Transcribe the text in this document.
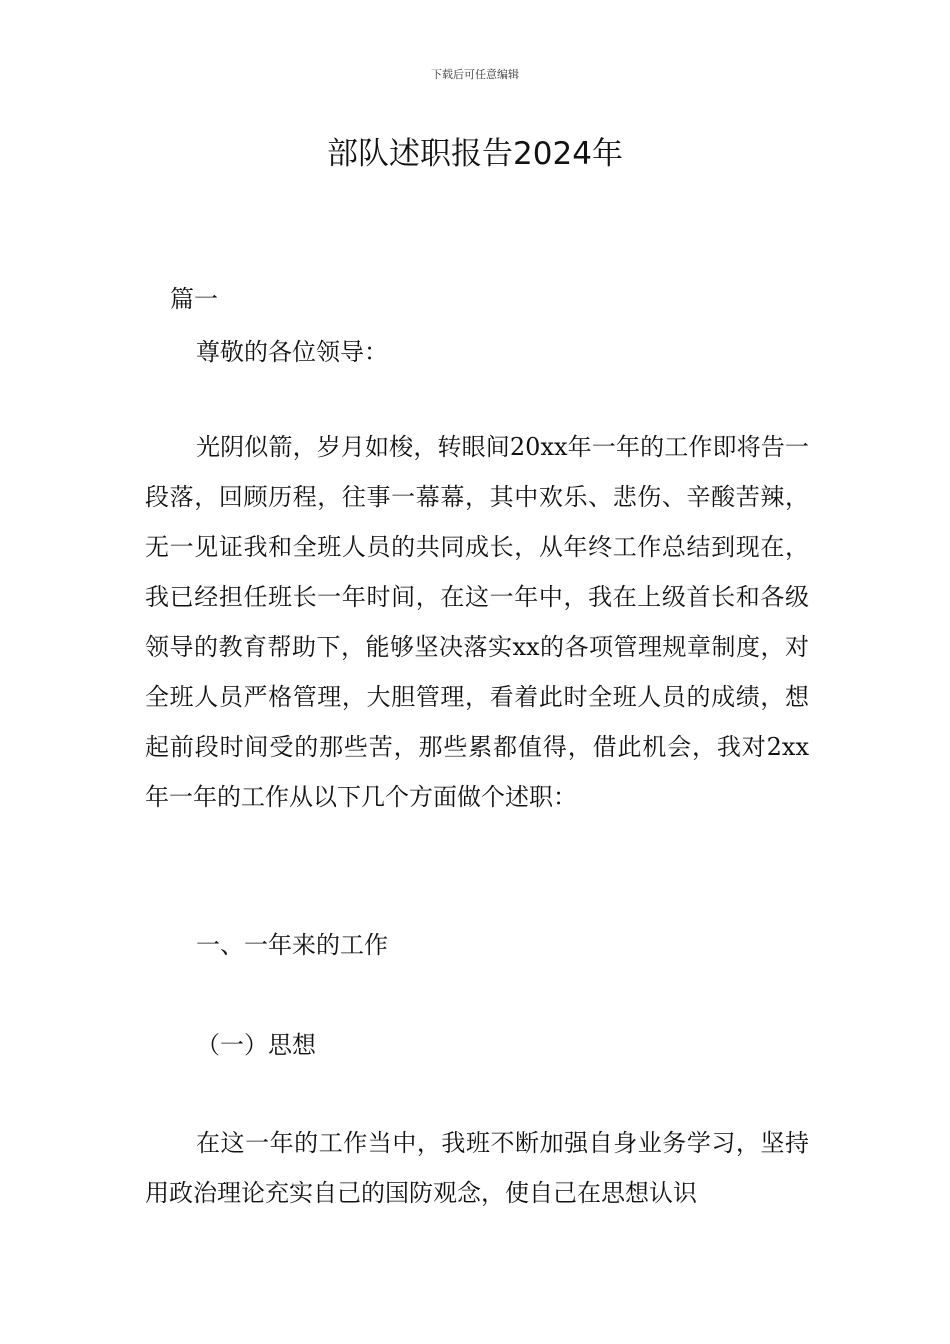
下载后可任意编辑
部队述职报告2024年
篇一
尊敬的各位领导：

光阴似箭，岁月如梭，转眼间20xx年一年的工作即将告一段落，回顾历程，往事一幕幕，其中欢乐、悲伤、辛酸苦辣，无一见证我和全班人员的共同成长，从年终工作总结到现在，我已经担任班长一年时间，在这一年中，我在上级首长和各级领导的教育帮助下，能够坚决落实xx的各项管理规章制度，对全班人员严格管理，大胆管理，看着此时全班人员的成绩，想起前段时间受的那些苦，那些累都值得，借此机会，我对2xx年一年的工作从以下几个方面做个述职：

一、一年来的工作
（一）思想

在这一年的工作当中，我班不断加强自身业务学习，坚持用政治理论充实自己的国防观念，使自己在思想认识
